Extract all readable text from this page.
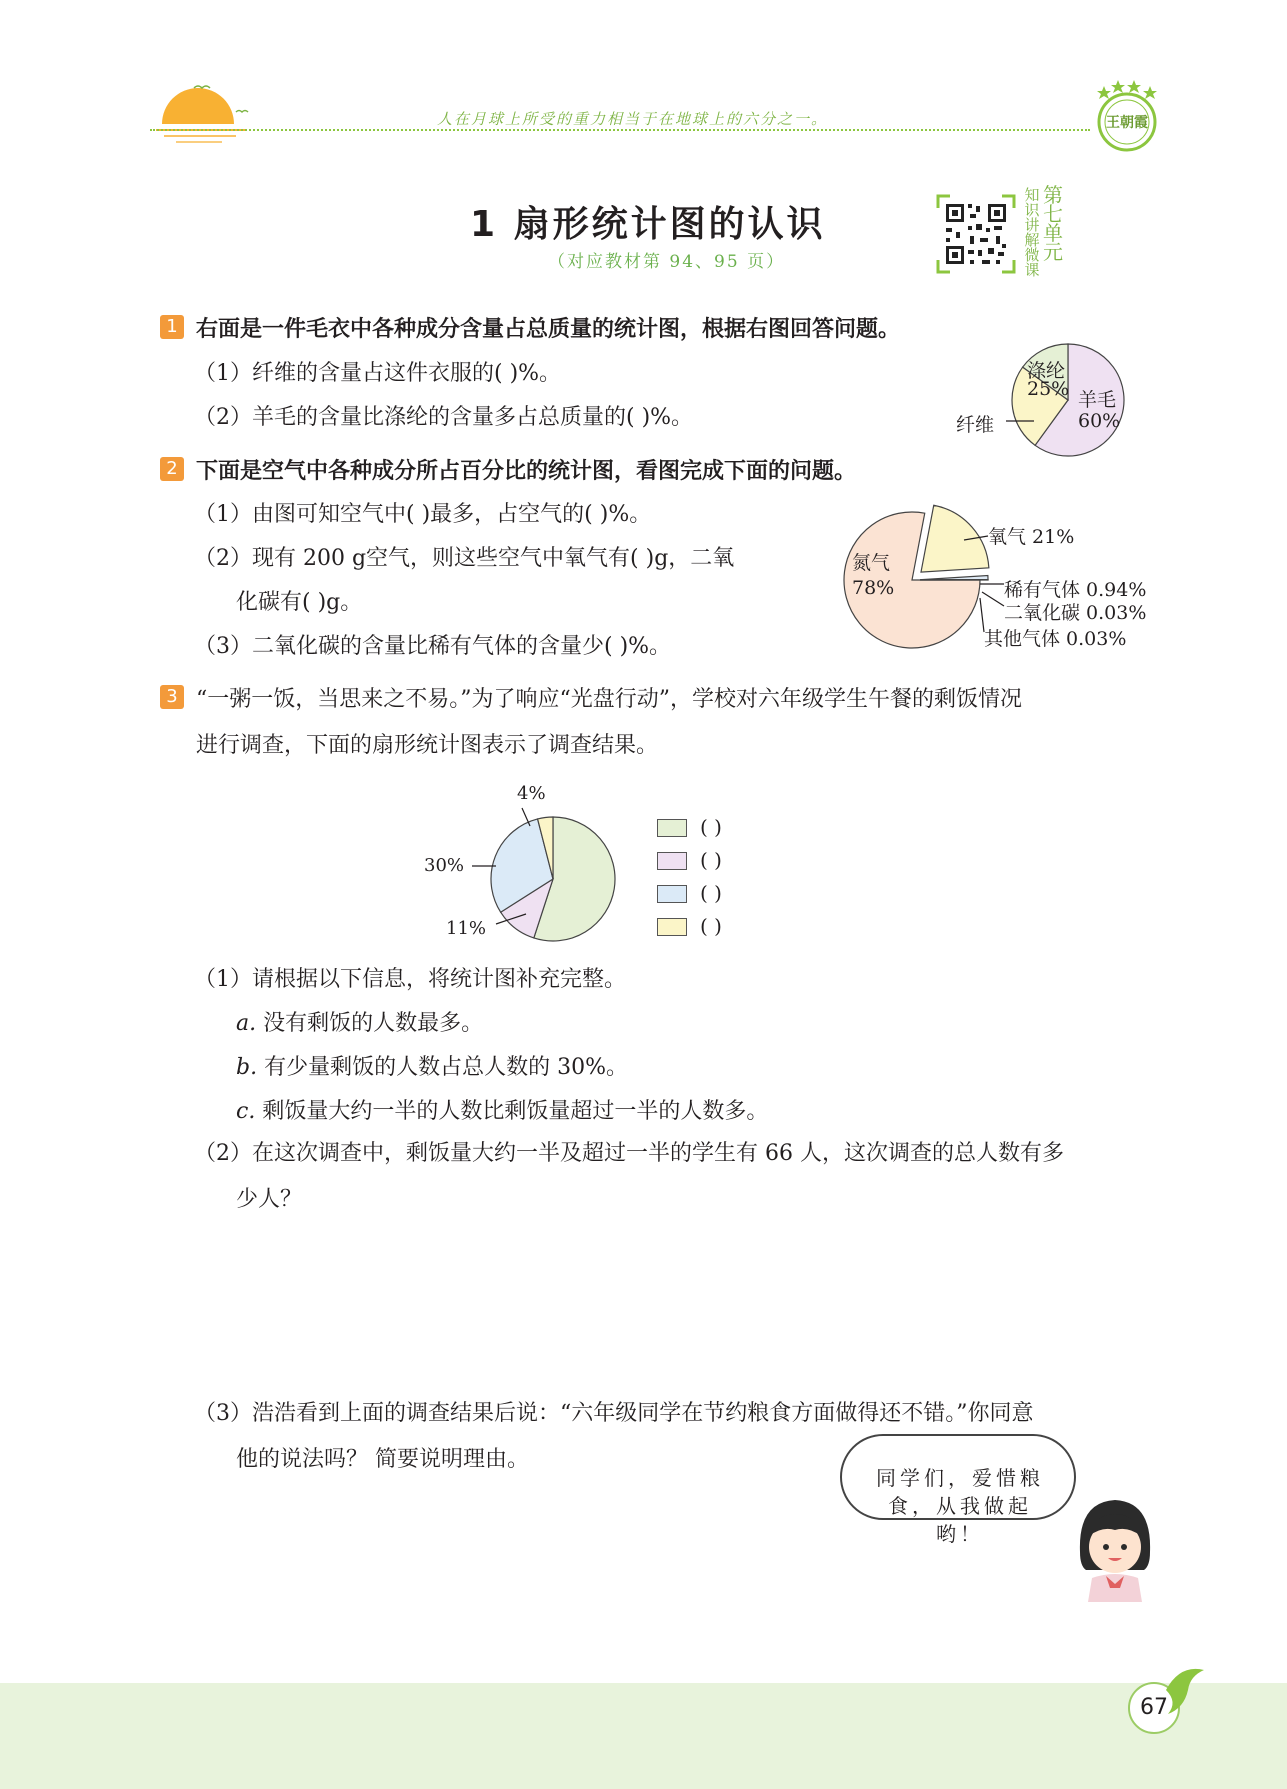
人在月球上所受的重力相当于在地球上的六分之一。	王朝霞
1 扇形统计图的认识
（对应教材第 94、95 页）
知识讲解微课
第七单元
1 右面是一件毛衣中各种成分含量占总质量的统计图，根据右图回答问题。
（1）纤维的含量占这件衣服的( )%。
（2）羊毛的含量比涤纶的含量多占总质量的( )%。
涤纶
25% 羊毛
60%
纤维
2 下面是空气中各种成分所占百分比的统计图，看图完成下面的问题。
（1）由图可知空气中( )最多，占空气的( )%。
（2）现有 200 g空气，则这些空气中氧气有( )g，二氧
化碳有( )g。
（3）二氧化碳的含量比稀有气体的含量少( )%。
氮气
78%
氧气 21%
稀有气体 0.94%
二氧化碳 0.03%
其他气体 0.03%
3 “一粥一饭，当思来之不易。”为了响应“光盘行动”，学校对六年级学生午餐的剩饭情况
进行调查，下面的扇形统计图表示了调查结果。
4%
30%
11%
( )
( )
( )
( )
（1）请根据以下信息，将统计图补充完整。
a. 没有剩饭的人数最多。
b. 有少量剩饭的人数占总人数的 30%。
c. 剩饭量大约一半的人数比剩饭量超过一半的人数多。
（2）在这次调查中，剩饭量大约一半及超过一半的学生有 66 人，这次调查的总人数有多
少人？
（3）浩浩看到上面的调查结果后说：“六年级同学在节约粮食方面做得还不错。”你同意
他的说法吗？ 简要说明理由。
同学们，爱惜粮食，从我做起哟！
67
